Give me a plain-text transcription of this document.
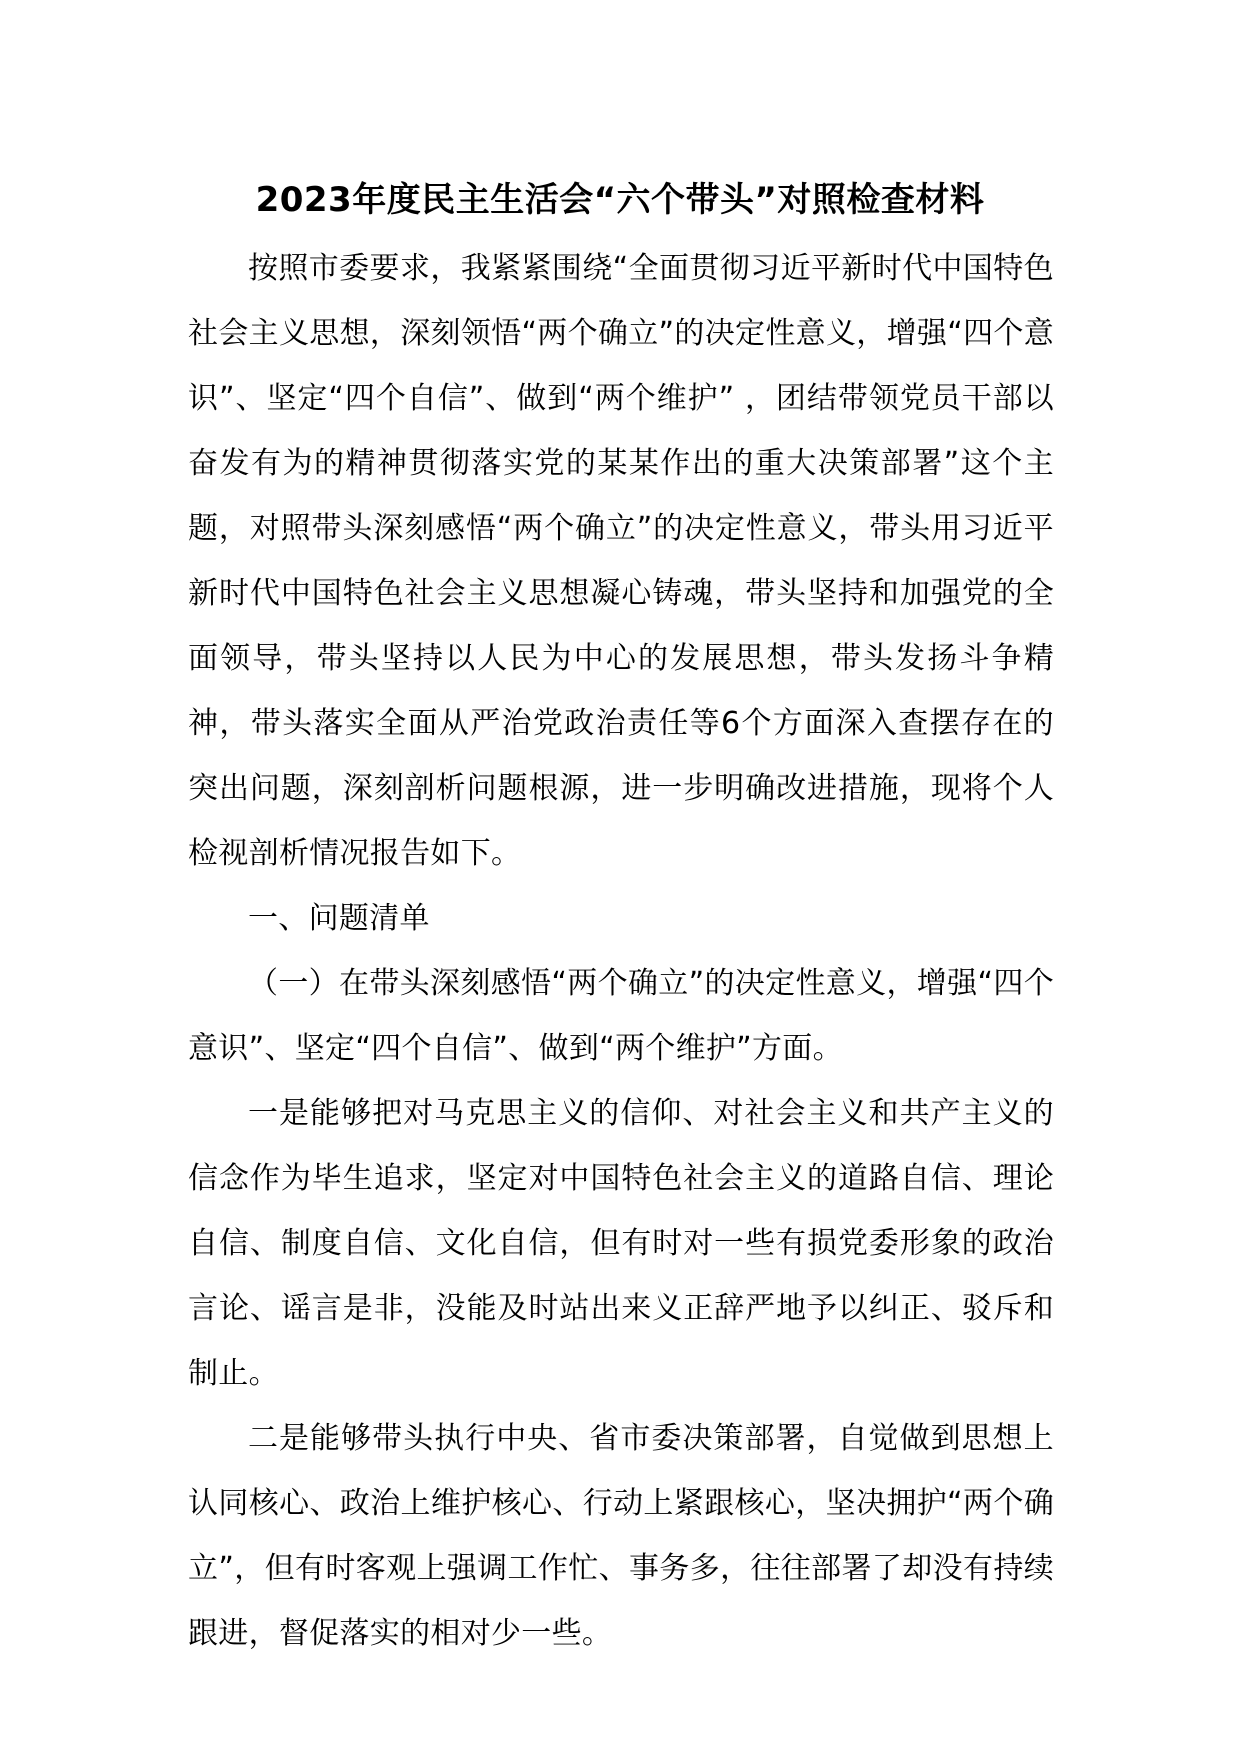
2023年度民主生活会“六个带头”对照检查材料

按照市委要求，我紧紧围绕“全面贯彻习近平新时代中国特色社会主义思想，深刻领悟“两个确立”的决定性意义，增强“四个意识”、坚定“四个自信”、做到“两个维护” ，团结带领党员干部以奋发有为的精神贯彻落实党的某某作出的重大决策部署”这个主题，对照带头深刻感悟“两个确立”的决定性意义，带头用习近平新时代中国特色社会主义思想凝心铸魂，带头坚持和加强党的全面领导，带头坚持以人民为中心的发展思想，带头发扬斗争精神，带头落实全面从严治党政治责任等6个方面深入查摆存在的突出问题，深刻剖析问题根源，进一步明确改进措施，现将个人检视剖析情况报告如下。

一、问题清单

（一）在带头深刻感悟“两个确立”的决定性意义，增强“四个意识”、坚定“四个自信”、做到“两个维护”方面。

一是能够把对马克思主义的信仰、对社会主义和共产主义的信念作为毕生追求，坚定对中国特色社会主义的道路自信、理论自信、制度自信、文化自信，但有时对一些有损党委形象的政治言论、谣言是非，没能及时站出来义正辞严地予以纠正、驳斥和制止。

二是能够带头执行中央、省市委决策部署，自觉做到思想上认同核心、政治上维护核心、行动上紧跟核心，坚决拥护“两个确立”，但有时客观上强调工作忙、事务多，往往部署了却没有持续跟进，督促落实的相对少一些。
